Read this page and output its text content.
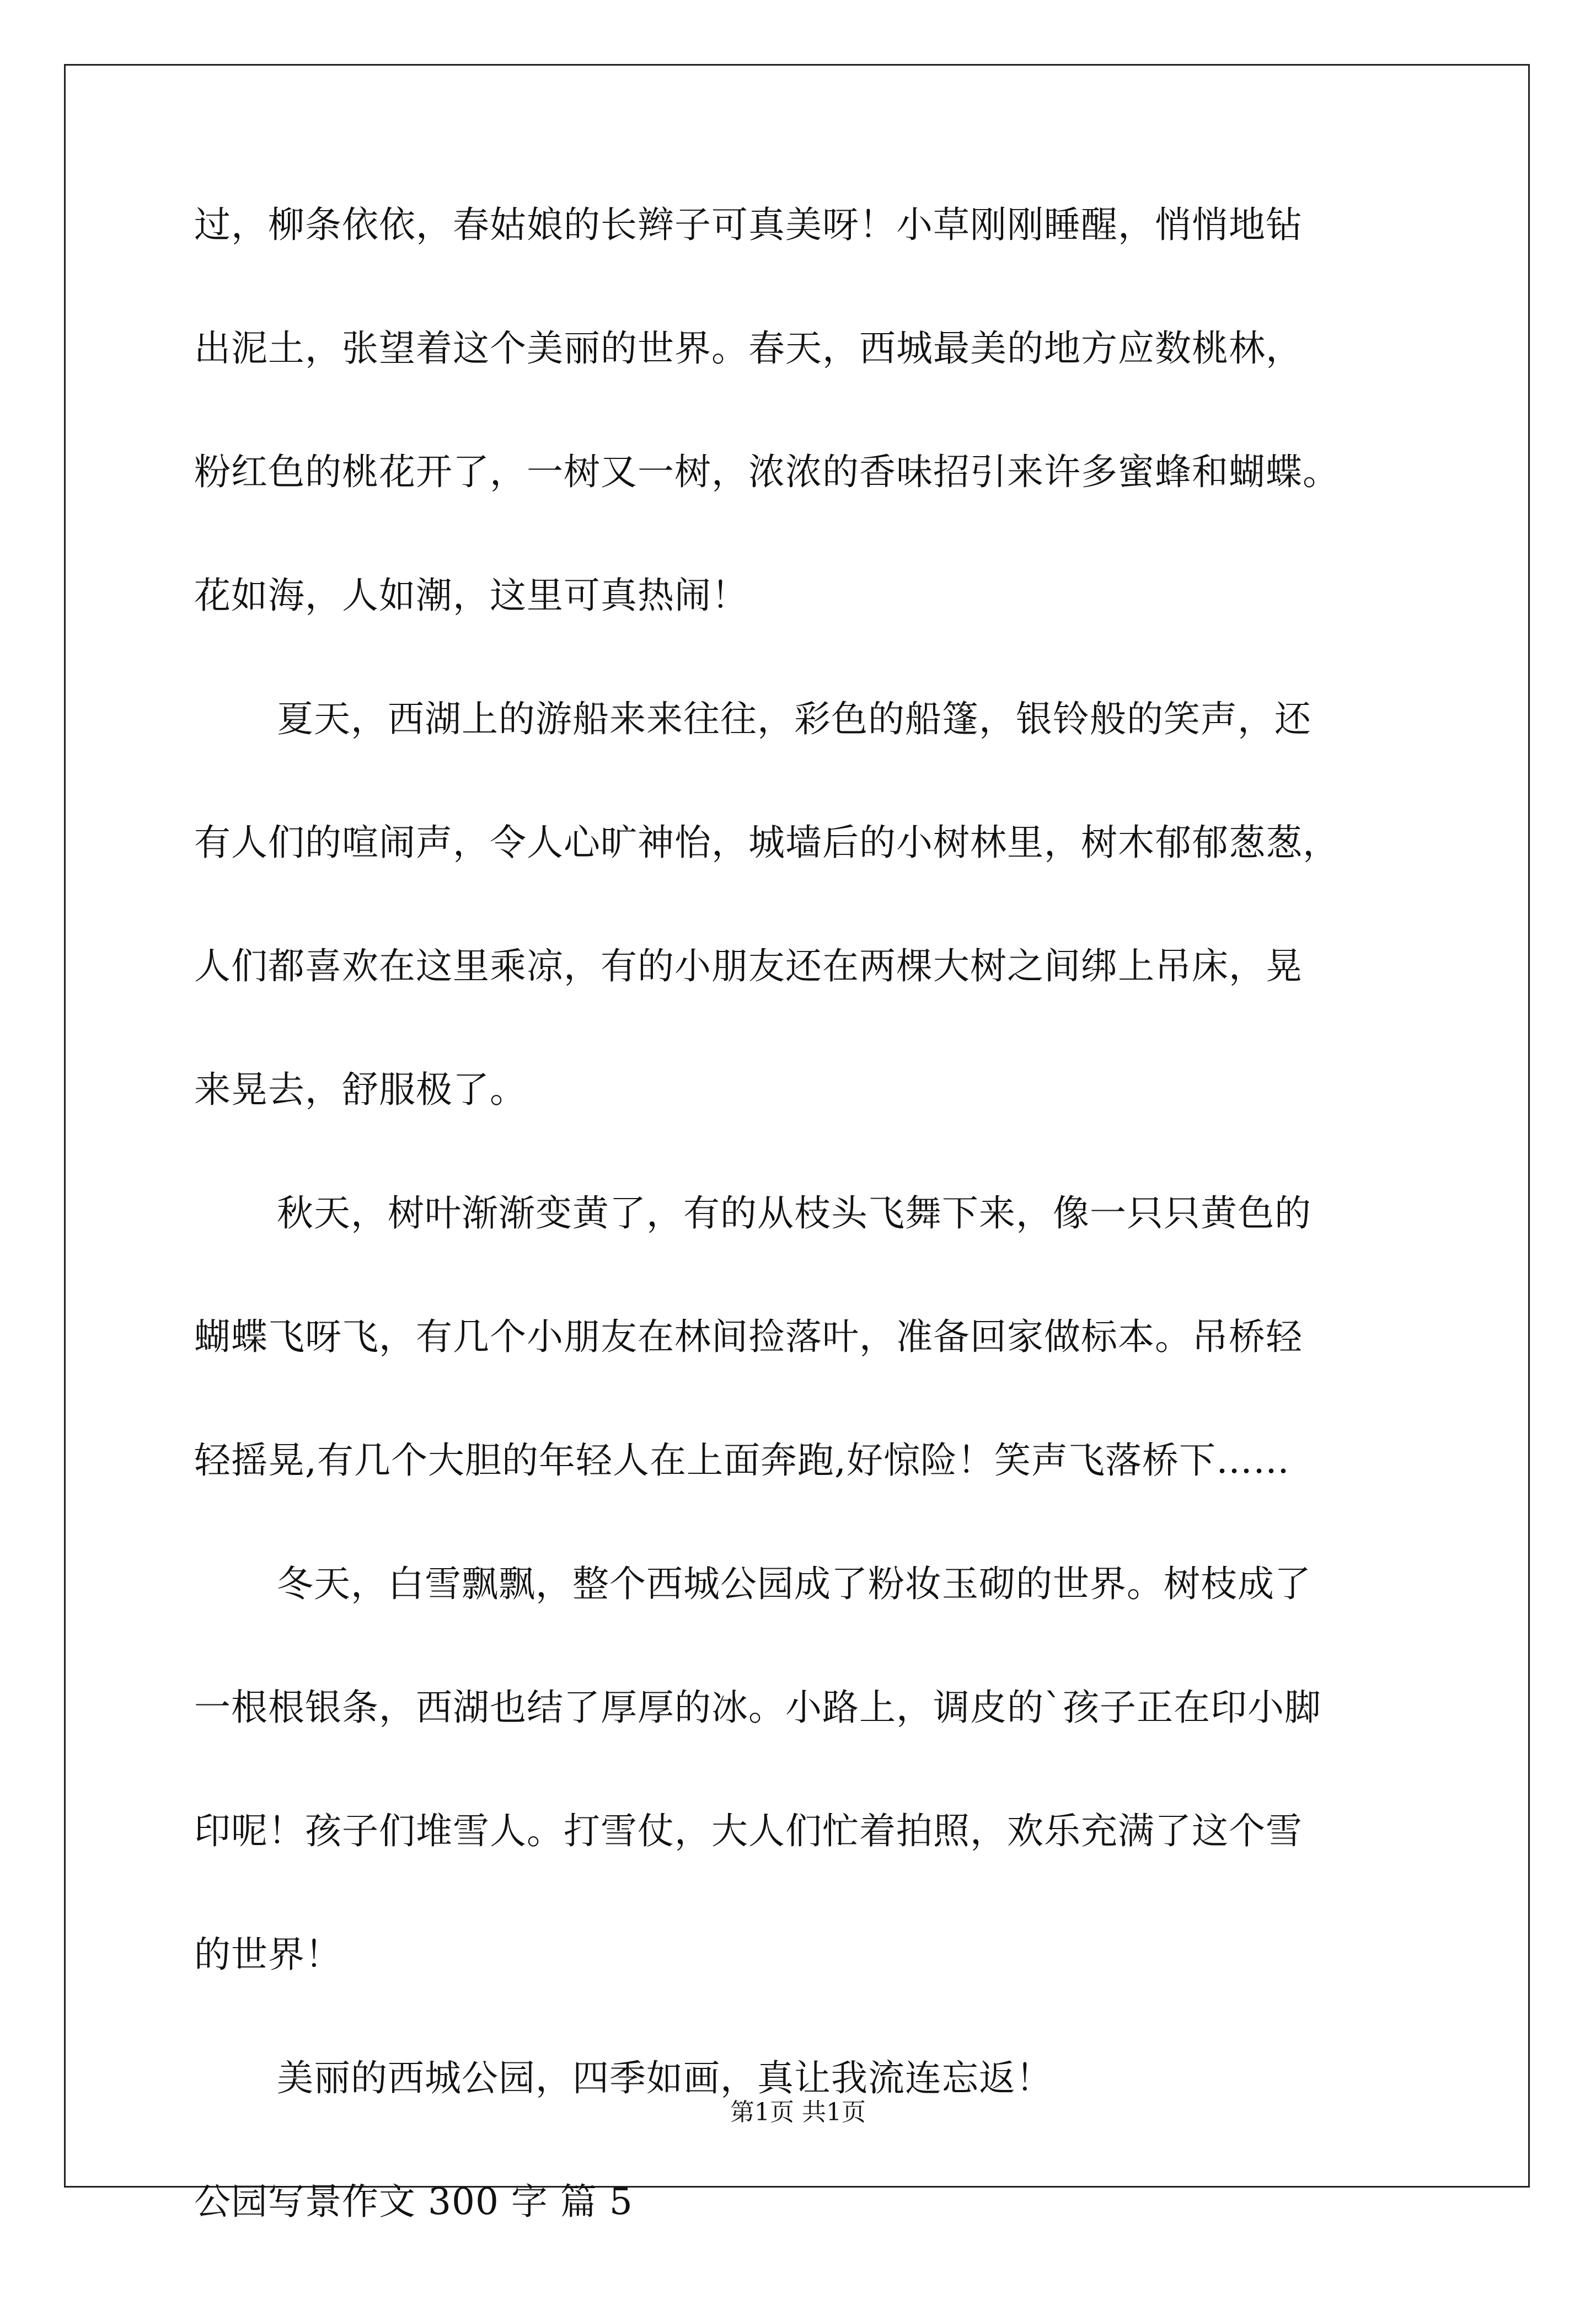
过，柳条依依，春姑娘的长辫子可真美呀！小草刚刚睡醒，悄悄地钻
出泥土，张望着这个美丽的世界。春天，西城最美的地方应数桃林，
粉红色的桃花开了，一树又一树，浓浓的香味招引来许多蜜蜂和蝴蝶。
花如海，人如潮，这里可真热闹！
夏天，西湖上的游船来来往往，彩色的船篷，银铃般的笑声，还
有人们的喧闹声，令人心旷神怡，城墙后的小树林里，树木郁郁葱葱，
人们都喜欢在这里乘凉，有的小朋友还在两棵大树之间绑上吊床，晃
来晃去，舒服极了。
秋天，树叶渐渐变黄了，有的从枝头飞舞下来，像一只只黄色的
蝴蝶飞呀飞，有几个小朋友在林间捡落叶，准备回家做标本。吊桥轻
轻摇晃,有几个大胆的年轻人在上面奔跑,好惊险！笑声飞落桥下……
冬天，白雪飘飘，整个西城公园成了粉妆玉砌的世界。树枝成了
一根根银条，西湖也结了厚厚的冰。小路上，调皮的`孩子正在印小脚
印呢！孩子们堆雪人。打雪仗，大人们忙着拍照，欢乐充满了这个雪
的世界！
美丽的西城公园，四季如画，真让我流连忘返！
公园写景作文 300 字 篇 5
第1页 共1页
